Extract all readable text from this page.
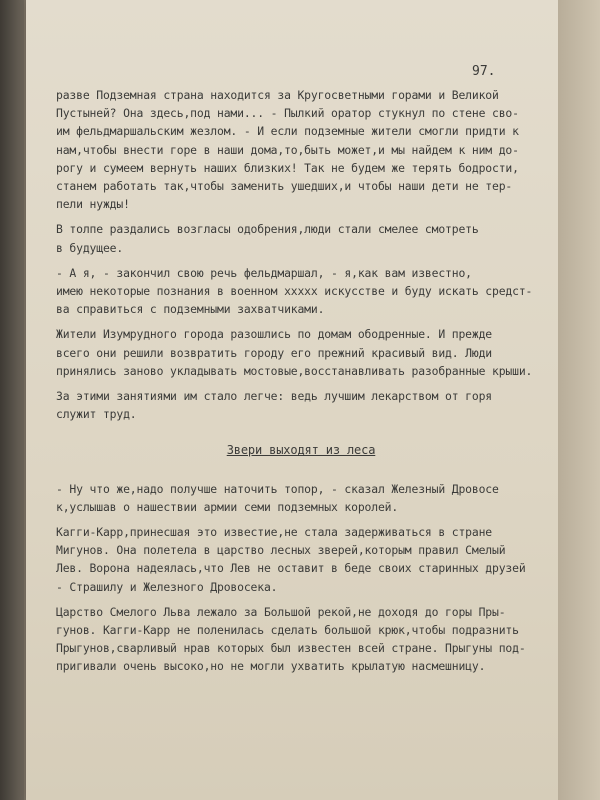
97.
разве Подземная страна находится за Кругосветными горами и Великой
Пустыней? Она здесь,под нами... - Пылкий оратор стукнул по стене сво-
им фельдмаршальским жезлом. - И если подземные жители смогли придти к
нам,чтобы внести горе в наши дома,то,быть может,и мы найдем к ним до-
рогу и сумеем вернуть наших близких! Так не будем же терять бодрости,
станем работать так,чтобы заменить ушедших,и чтобы наши дети не тер-
пели нужды!
В толпе раздались возгласы одобрения,люди стали смелее смотреть
в будущее.
- А я, - закончил свою речь фельдмаршал, - я,как вам известно,
имею некоторые познания в военном ххххх искусстве и буду искать средст-
ва справиться с подземными захватчиками.
Жители Изумрудного города разошлись по домам ободренные. И прежде
всего они решили возвратить городу его прежний красивый вид. Люди
принялись заново укладывать мостовые,восстанавливать разобранные крыши.
За этими занятиями им стало легче: ведь лучшим лекарством от горя
служит труд.
Звери выходят из леса
- Ну что же,надо получше наточить топор, - сказал Железный Дровосе
к,услышав о нашествии армии семи подземных королей.
Кагги-Карр,принесшая это известие,не стала задерживаться в стране
Мигунов. Она полетела в царство лесных зверей,которым правил Смелый
Лев. Ворона надеялась,что Лев не оставит в беде своих старинных друзей
- Страшилу и Железного Дровосека.
Царство Смелого Льва лежало за Большой рекой,не доходя до горы Пры-
гунов. Кагги-Карр не поленилась сделать большой крюк,чтобы подразнить
Прыгунов,сварливый нрав которых был известен всей стране. Прыгуны под-
пригивали очень высоко,но не могли ухватить крылатую насмешницу.
